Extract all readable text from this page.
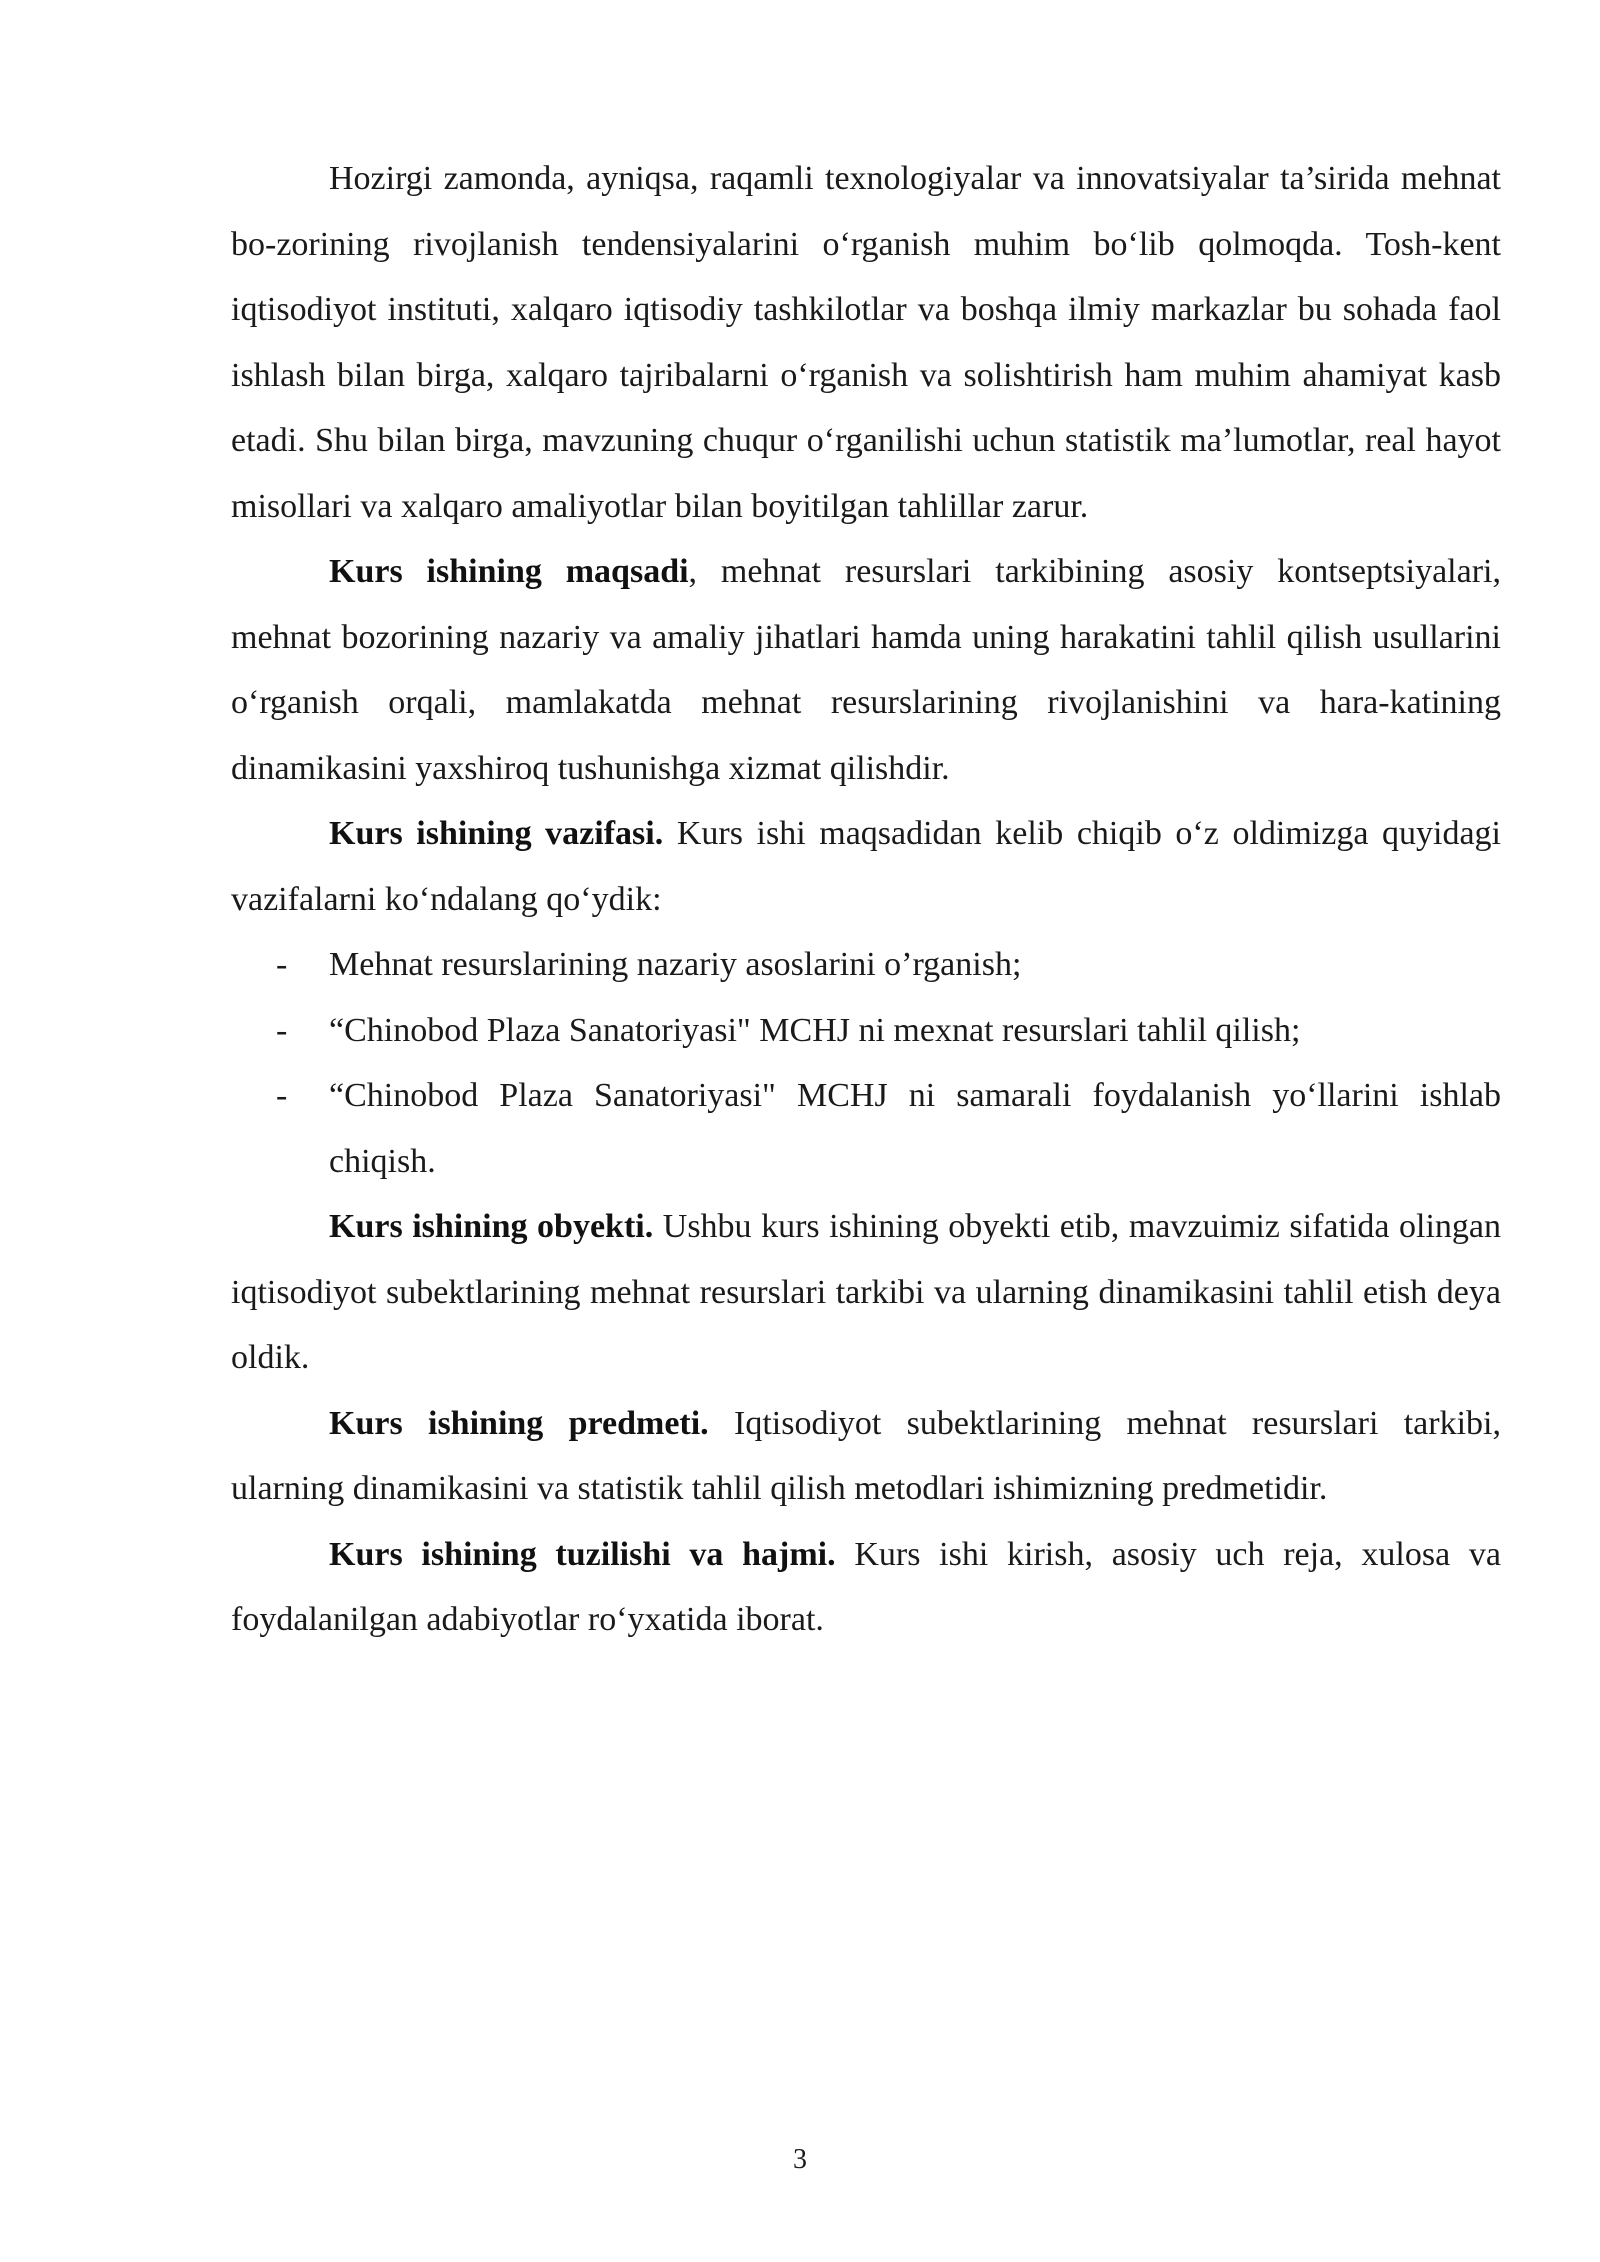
Hozirgi zamonda, ayniqsa, raqamli texnologiyalar va innovatsiyalar ta’sirida mehnat bo-zorining rivojlanish tendensiyalarini o‘rganish muhim bo‘lib qolmoqda. Tosh-kent iqtisodiyot instituti, xalqaro iqtisodiy tashkilotlar va boshqa ilmiy markazlar bu sohada faol ishlash bilan birga, xalqaro tajribalarni o‘rganish va solishtirish ham muhim ahamiyat kasb etadi. Shu bilan birga, mavzuning chuqur o‘rganilishi uchun statistik ma’lumotlar, real hayot misollari va xalqaro amaliyotlar bilan boyitilgan tahlillar zarur.

Kurs ishining maqsadi, mehnat resurslari tarkibining asosiy kontseptsiyalari, mehnat bozorining nazariy va amaliy jihatlari hamda uning harakatini tahlil qilish usullarini o‘rganish orqali, mamlakatda mehnat resurslarining rivojlanishini va hara-katining dinamikasini yaxshiroq tushunishga xizmat qilishdir.

Kurs ishining vazifasi. Kurs ishi maqsadidan kelib chiqib o‘z oldimizga quyidagi vazifalarni ko‘ndalang qo‘ydik:

- Mehnat resurslarining nazariy asoslarini o’rganish;
- “Chinobod Plaza Sanatoriyasi" MCHJ ni mexnat resurslari tahlil qilish;
- “Chinobod Plaza Sanatoriyasi" MCHJ ni samarali foydalanish yo‘llarini ishlab chiqish.

Kurs ishining obyekti. Ushbu kurs ishining obyekti etib, mavzuimiz sifatida olingan iqtisodiyot subektlarining mehnat resurslari tarkibi va ularning dinamikasini tahlil etish deya oldik.

Kurs ishining predmeti. Iqtisodiyot subektlarining mehnat resurslari tarkibi, ularning dinamikasini va statistik tahlil qilish metodlari ishimizning predmetidir.

Kurs ishining tuzilishi va hajmi. Kurs ishi kirish, asosiy uch reja, xulosa va foydalanilgan adabiyotlar ro‘yxatida iborat.

3
